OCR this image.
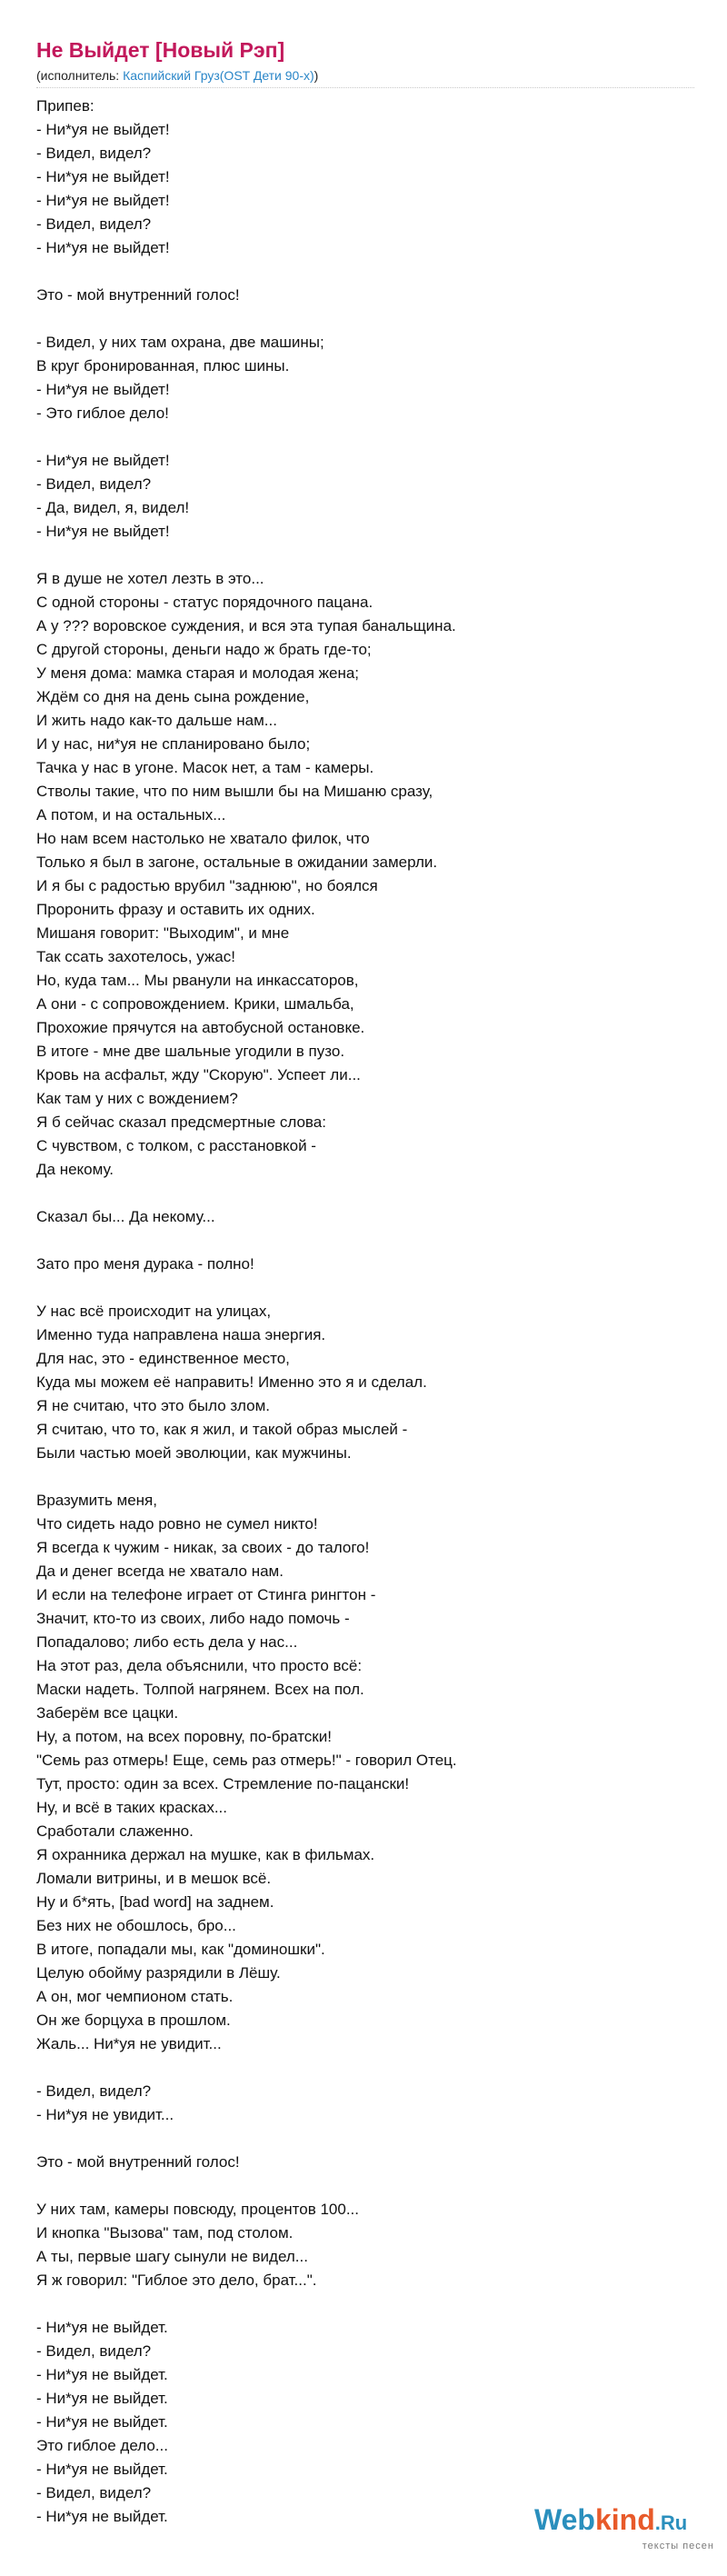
Не Выйдет [Новый Рэп]
(исполнитель: Каспийский Груз(OST Дети 90-х))
Припев:
- Ни*уя не выйдет!
- Видел, видел?
- Ни*уя не выйдет!
- Ни*уя не выйдет!
- Видел, видел?
- Ни*уя не выйдет!
Это - мой внутренний голос!
- Видел, у них там охрана, две машины;
В круг бронированная, плюс шины.
- Ни*уя не выйдет!
- Это гиблое дело!
- Ни*уя не выйдет!
- Видел, видел?
- Да, видел, я, видел!
- Ни*уя не выйдет!
Я в душе не хотел лезть в это...
С одной стороны - статус порядочного пацана.
А у ??? воровское суждения, и вся эта тупая банальщина.
С другой стороны, деньги надо ж брать где-то;
У меня дома: мамка старая и молодая жена;
Ждём со дня на день сына рождение,
И жить надо как-то дальше нам...
И у нас, ни*уя не спланировано было;
Тачка у нас в угоне. Масок нет, а там - камеры.
Стволы такие, что по ним вышли бы на Мишаню сразу,
А потом, и на остальных...
Но нам всем настолько не хватало филок, что
Только я был в загоне, остальные в ожидании замерли.
И я бы с радостью врубил "заднюю", но боялся
Проронить фразу и оставить их одних.
Мишаня говорит: "Выходим", и мне
Так ссать захотелось, ужас!
Но, куда там... Мы рванули на инкассаторов,
А они - с сопровождением. Крики, шмальба,
Прохожие прячутся на автобусной остановке.
В итоге - мне две шальные угодили в пузо.
Кровь на асфальт, жду "Скорую". Успеет ли...
Как там у них с вождением?
Я б сейчас сказал предсмертные слова:
С чувством, с толком, с расстановкой -
Да некому.
Сказал бы... Да некому...
Зато про меня дурака - полно!
У нас всё происходит на улицах,
Именно туда направлена наша энергия.
Для нас, это - единственное место,
Куда мы можем её направить! Именно это я и сделал.
Я не считаю, что это было злом.
Я считаю, что то, как я жил, и такой образ мыслей -
Были частью моей эволюции, как мужчины.
Вразумить меня,
Что сидеть надо ровно не сумел никто!
Я всегда к чужим - никак, за своих - до талого!
Да и денег всегда не хватало нам.
И если на телефоне играет от Стинга рингтон -
Значит, кто-то из своих, либо надо помочь -
Попадалово; либо есть дела у нас...
На этот раз, дела объяснили, что просто всё:
Маски надеть. Толпой нагрянем. Всех на пол.
Заберём все цацки.
Ну, а потом, на всех поровну, по-братски!
"Семь раз отмерь! Еще, семь раз отмерь!" - говорил Отец.
Тут, просто: один за всех. Стремление по-пацански!
Ну, и всё в таких красках...
Сработали слаженно.
Я охранника держал на мушке, как в фильмах.
Ломали витрины, и в мешок всё.
Ну и б*ять, [bad word] на заднем.
Без них не обошлось, бро...
В итоге, попадали мы, как "доминошки".
Целую обойму разрядили в Лёшу.
А он, мог чемпионом стать.
Он же борцуха в прошлом.
Жаль... Ни*уя не увидит...
- Видел, видел?
- Ни*уя не увидит...
Это - мой внутренний голос!
У них там, камеры повсюду, процентов 100...
И кнопка "Вызова" там, под столом.
А ты, первые шагу сынули не видел...
Я ж говорил: "Гиблое это дело, брат...".
- Ни*уя не выйдет.
- Видел, видел?
- Ни*уя не выйдет.
- Ни*уя не выйдет.
- Ни*уя не выйдет.
Это гиблое дело...
- Ни*уя не выйдет.
- Видел, видел?
- Ни*уя не выйдет.	Webkind.Ru
тексты песен
